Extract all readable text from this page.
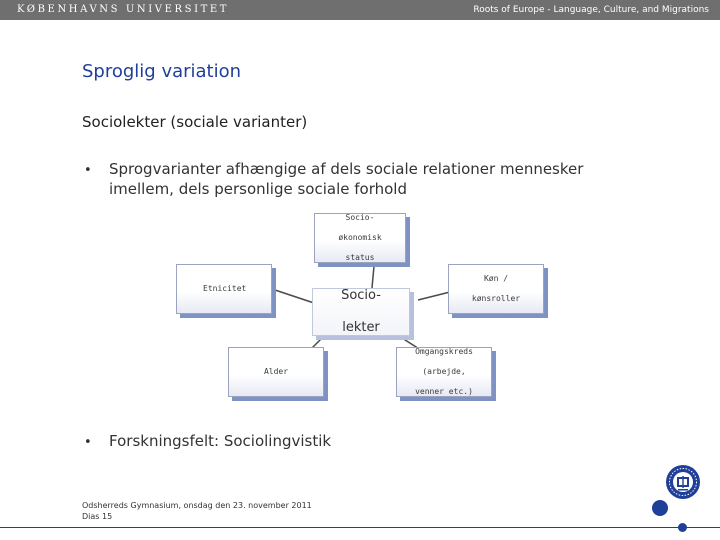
KØBENHAVNS UNIVERSITET	Roots of Europe - Language, Culture, and Migrations
Sproglig variation
Sociolekter (sociale varianter)
• Sprogvarianter afhængige af dels sociale relationer mennesker
imellem, dels personlige sociale forhold

Socio-

økonomisk

status

Etnicitet

Køn /

kønsroller

Socio-

lekter

Alder

Omgangskreds

(arbejde,

venner etc.)

• Forskningsfelt: Sociolingvistik
Odsherreds Gymnasium, onsdag den 23. november 2011
Dias 15
